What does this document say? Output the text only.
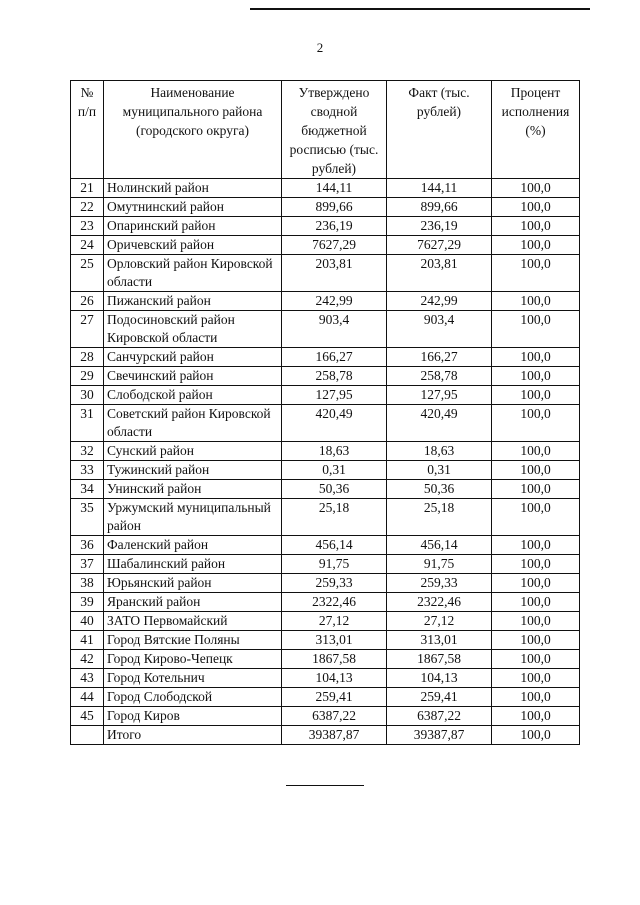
2
№ п/п	Наименование муниципального района (городского округа)	Утверждено сводной бюджетной росписью (тыс. рублей)	Факт (тыс. рублей)	Процент исполнения (%)
21	Нолинский район	144,11	144,11	100,0
22	Омутнинский район	899,66	899,66	100,0
23	Опаринский район	236,19	236,19	100,0
24	Оричевский район	7627,29	7627,29	100,0
25	Орловский район Кировской области	203,81	203,81	100,0
26	Пижанский район	242,99	242,99	100,0
27	Подосиновский район Кировской области	903,4	903,4	100,0
28	Санчурский район	166,27	166,27	100,0
29	Свечинский район	258,78	258,78	100,0
30	Слободской район	127,95	127,95	100,0
31	Советский район Кировской области	420,49	420,49	100,0
32	Сунский район	18,63	18,63	100,0
33	Тужинский район	0,31	0,31	100,0
34	Унинский район	50,36	50,36	100,0
35	Уржумский муниципальный район	25,18	25,18	100,0
36	Фаленский район	456,14	456,14	100,0
37	Шабалинский район	91,75	91,75	100,0
38	Юрьянский район	259,33	259,33	100,0
39	Яранский район	2322,46	2322,46	100,0
40	ЗАТО Первомайский	27,12	27,12	100,0
41	Город Вятские Поляны	313,01	313,01	100,0
42	Город Кирово-Чепецк	1867,58	1867,58	100,0
43	Город Котельнич	104,13	104,13	100,0
44	Город Слободской	259,41	259,41	100,0
45	Город Киров	6387,22	6387,22	100,0
	Итого	39387,87	39387,87	100,0
